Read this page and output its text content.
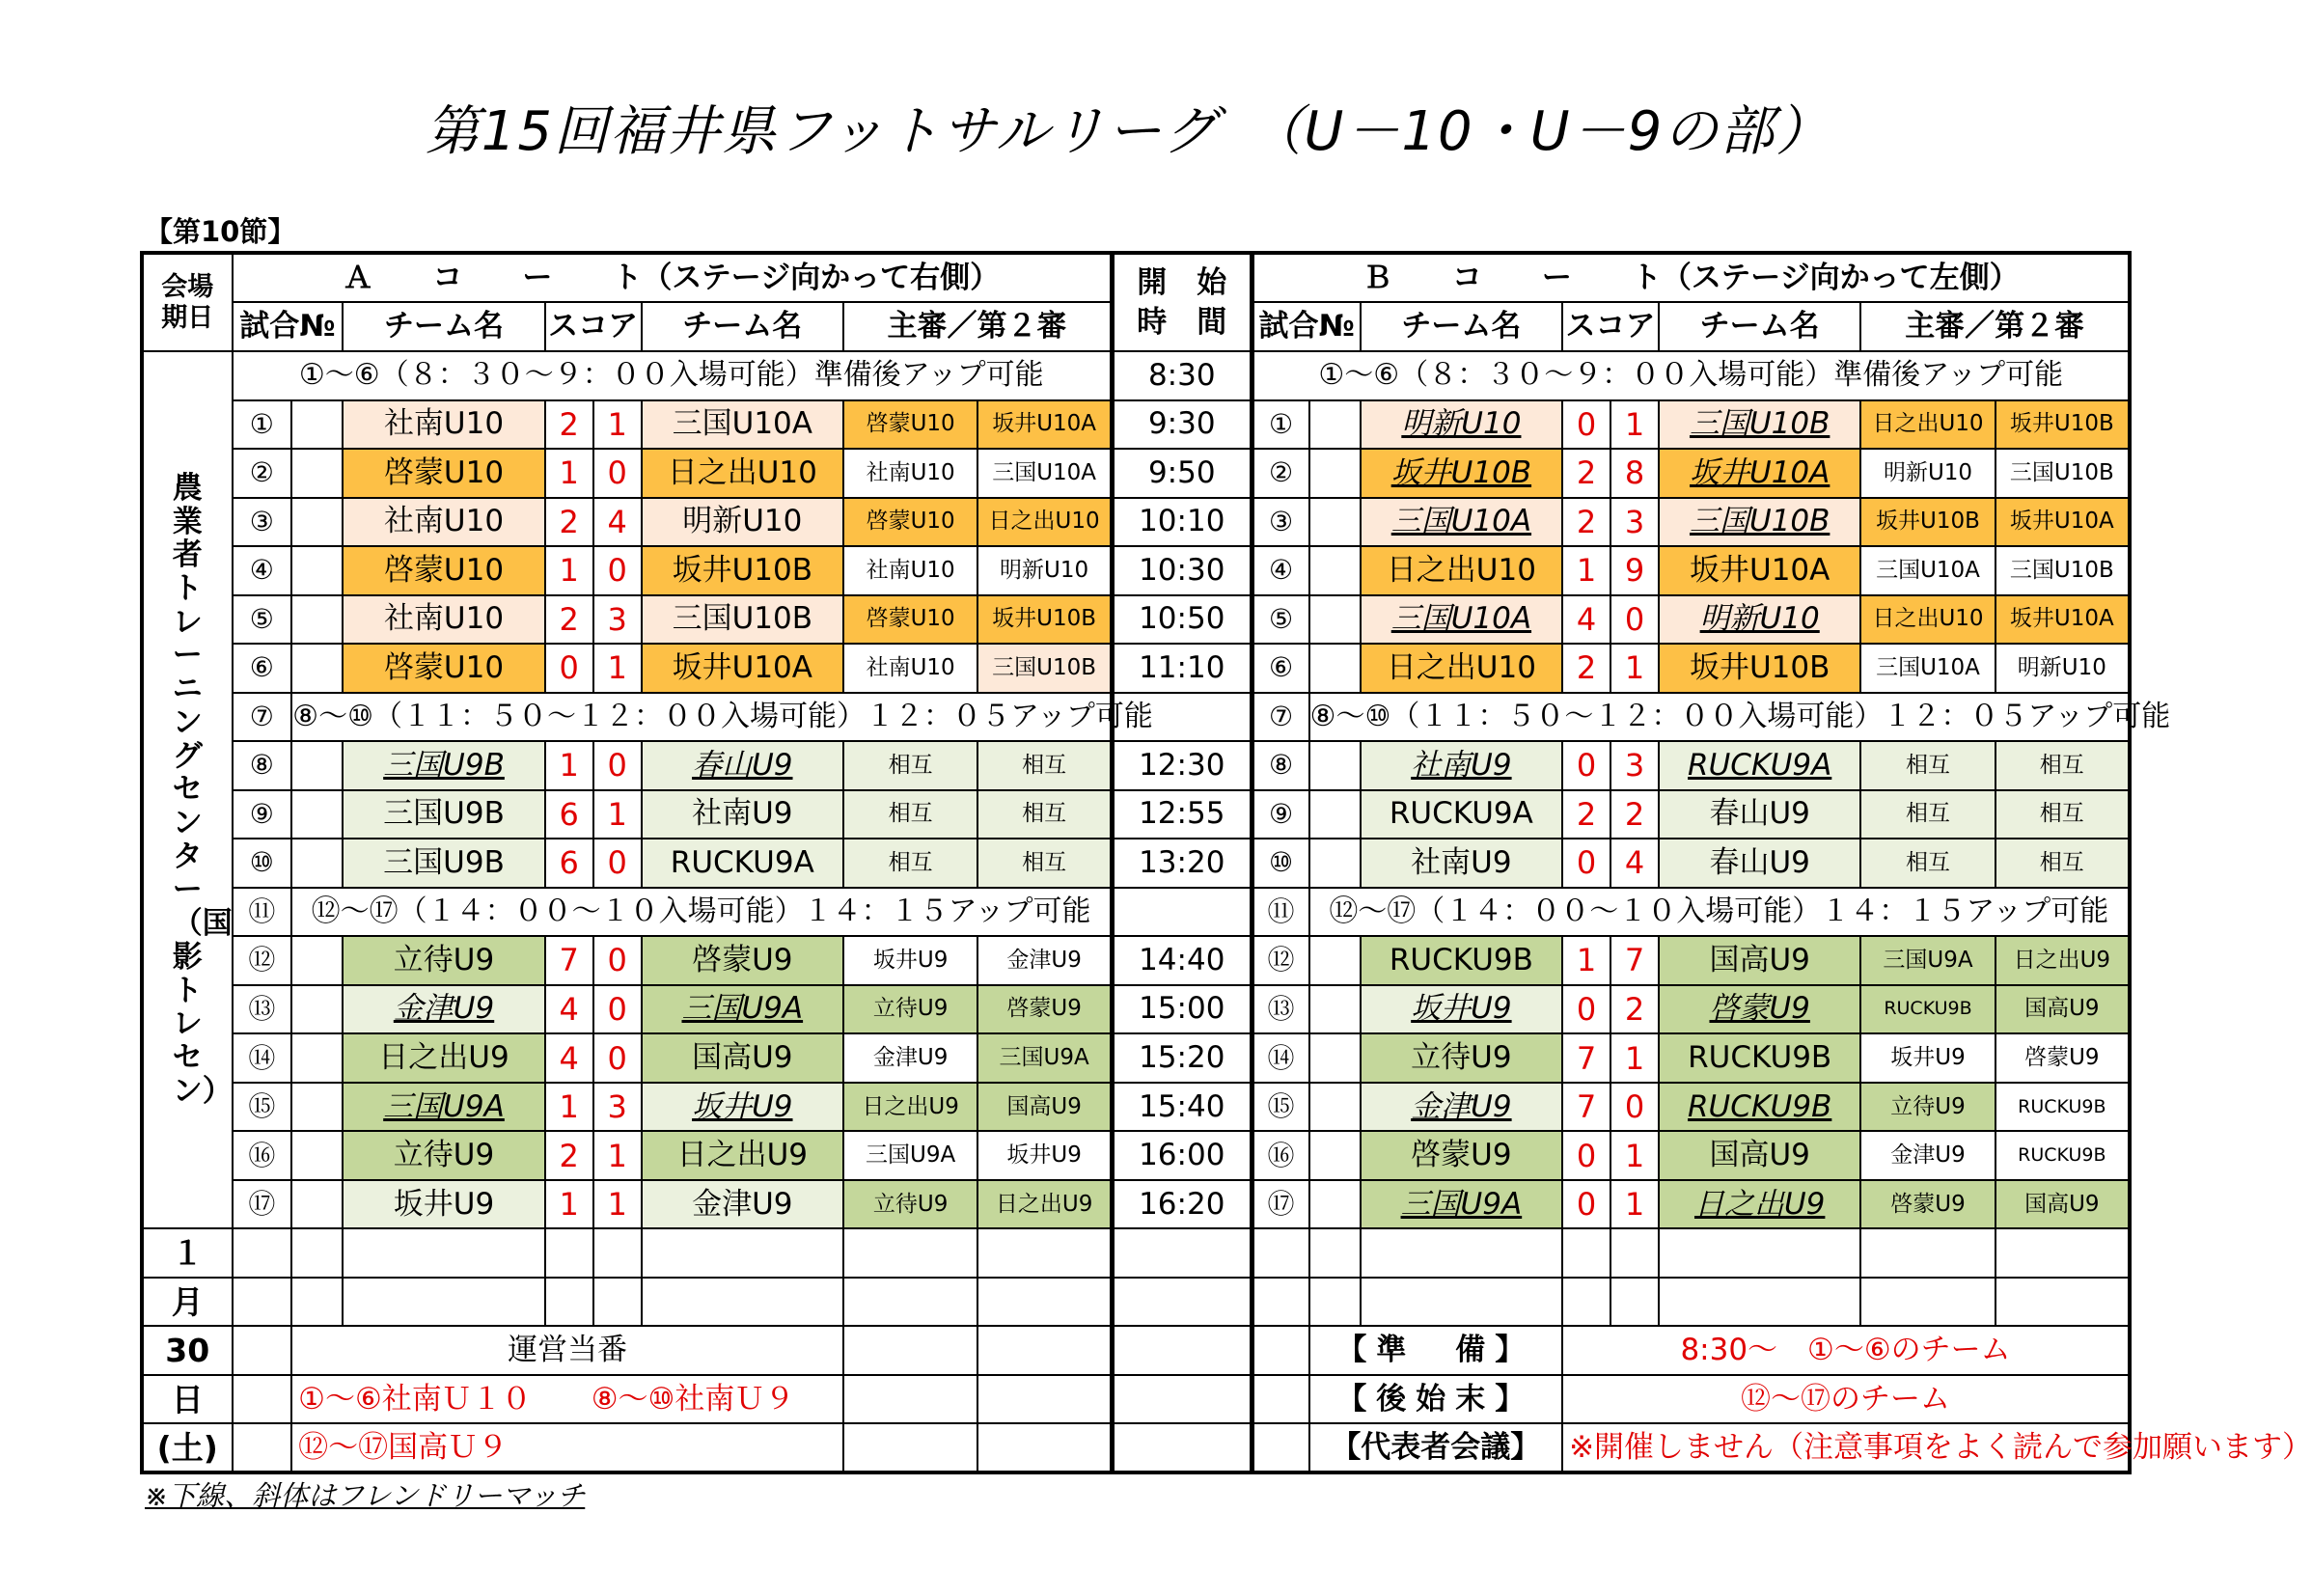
第15回福井県フットサルリーグ　（U－10・U－9の部）
【第10節】
会場
期日	Ａ　　コ　　ー　　ト（ステージ向かって右側）								開　始
時　間	Ｂ　　コ　　ー　　ト（ステージ向かって左側）							
	試合№		チーム名	スコア		チーム名	主審／第２審			試合№		チーム名	スコア		チーム名	主審／第２審	

農業者トレーニングセンター（国影トレセン）	①～⑥（８：３０～９：００入場可能）準備後アップ可能								8:30	①～⑥（８：３０～９：００入場可能）準備後アップ可能							
	①		社南U10	2	1	三国U10A	啓蒙U10	坂井U10A	9:30	①		明新U10	0	1	三国U10B	日之出U10	坂井U10B
	②		啓蒙U10	1	0	日之出U10	社南U10	三国U10A	9:50	②		坂井U10B	2	8	坂井U10A	明新U10	三国U10B
	③		社南U10	2	4	明新U10	啓蒙U10	日之出U10	10:10	③		三国U10A	2	3	三国U10B	坂井U10B	坂井U10A
	④		啓蒙U10	1	0	坂井U10B	社南U10	明新U10	10:30	④		日之出U10	1	9	坂井U10A	三国U10A	三国U10B
	⑤		社南U10	2	3	三国U10B	啓蒙U10	坂井U10B	10:50	⑤		三国U10A	4	0	明新U10	日之出U10	坂井U10A
	⑥		啓蒙U10	0	1	坂井U10A	社南U10	三国U10B	11:10	⑥		日之出U10	2	1	坂井U10B	三国U10A	明新U10
	⑦	⑧～⑩（１１：５０～１２：００入場可能）１２：０５アップ可能								⑦	⑧～⑩（１１：５０～１２：００入場可能）１２：０５アップ可能						
	⑧		三国U9B	1	0	春山U9	相互	相互	12:30	⑧		社南U9	0	3	RUCKU9A	相互	相互
	⑨		三国U9B	6	1	社南U9	相互	相互	12:55	⑨		RUCKU9A	2	2	春山U9	相互	相互
	⑩		三国U9B	6	0	RUCKU9A	相互	相互	13:20	⑩		社南U9	0	4	春山U9	相互	相互
	⑪	⑫～⑰（１４：００～１０入場可能）１４：１５アップ可能								⑪	⑫～⑰（１４：００～１０入場可能）１４：１５アップ可能						
	⑫		立待U9	7	0	啓蒙U9	坂井U9	金津U9	14:40	⑫		RUCKU9B	1	7	国高U9	三国U9A	日之出U9
	⑬		金津U9	4	0	三国U9A	立待U9	啓蒙U9	15:00	⑬		坂井U9	0	2	啓蒙U9	RUCKU9B	国高U9
	⑭		日之出U9	4	0	国高U9	金津U9	三国U9A	15:20	⑭		立待U9	7	1	RUCKU9B	坂井U9	啓蒙U9
	⑮		三国U9A	1	3	坂井U9	日之出U9	国高U9	15:40	⑮		金津U9	7	0	RUCKU9B	立待U9	RUCKU9B
	⑯		立待U9	2	1	日之出U9	三国U9A	坂井U9	16:00	⑯		啓蒙U9	0	1	国高U9	金津U9	RUCKU9B
	⑰		坂井U9	1	1	金津U9	立待U9	日之出U9	16:20	⑰		三国U9A	0	1	日之出U9	啓蒙U9	国高U9
１																	
月																	
30		運営当番									【準　備】		8:30～　①～⑥のチーム				
日		①～⑥社南Ｕ１０　　⑧～⑩社南Ｕ９									【後始末】		⑫～⑰のチーム				
(土)		⑫～⑰国高Ｕ９									【代表者会議】		※開催しません（注意事項をよく読んで参加願います）				
※下線、斜体はフレンドリーマッチ
